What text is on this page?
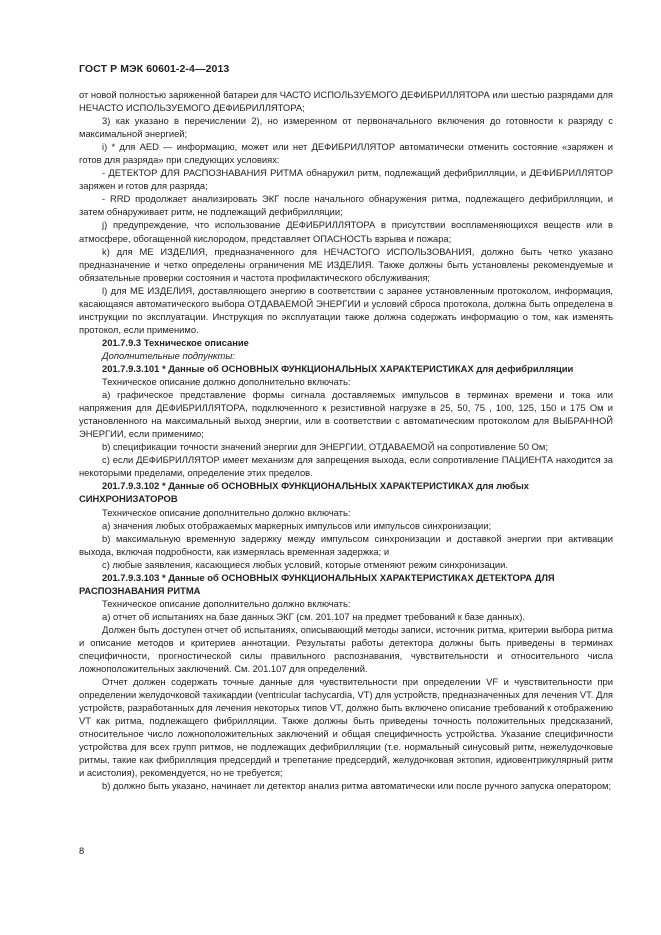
ГОСТ Р МЭК 60601-2-4—2013

от новой полностью заряженной батареи для ЧАСТО ИСПОЛЬЗУЕМОГО ДЕФИБРИЛЛЯТОРА или шестью разрядами для НЕЧАСТО ИСПОЛЬЗУЕМОГО ДЕФИБРИЛЛЯТОРА;

3) как указано в перечислении 2), но измеренном от первоначального включения до готовности к разряду с максимальной энергией;

i) * для AED — информацию, может или нет ДЕФИБРИЛЛЯТОР автоматически отменить состояние «заряжен и готов для разряда» при следующих условиях:

- ДЕТЕКТОР ДЛЯ РАСПОЗНАВАНИЯ РИТМА обнаружил ритм, подлежащий дефибрилляции, и ДЕФИБРИЛЛЯТОР заряжен и готов для разряда;

- RRD продолжает анализировать ЭКГ после начального обнаружения ритма, подлежащего дефибрилляции, и затем обнаруживает ритм, не подлежащий дефибрилляции;

j) предупреждение, что использование ДЕФИБРИЛЛЯТОРА в присутствии воспламеняющихся веществ или в атмосфере, обогащенной кислородом, представляет ОПАСНОСТЬ взрыва и пожара;

k) для МЕ ИЗДЕЛИЯ, предназначенного для НЕЧАСТОГО ИСПОЛЬЗОВАНИЯ, должно быть четко указано предназначение и четко определены ограничения МЕ ИЗДЕЛИЯ. Также должны быть установлены рекомендуемые и обязательные проверки состояния и частота профилактического обслуживания;

l) для МЕ ИЗДЕЛИЯ, доставляющего энергию в соответствии с заранее установленным протоколом, информация, касающаяся автоматического выбора ОТДАВАЕМОЙ ЭНЕРГИИ и условий сброса протокола, должна быть определена в инструкции по эксплуатации. Инструкция по эксплуатации также должна содержать информацию о том, как изменять протокол, если применимо.

201.7.9.3 Техническое описание

Дополнительные подпункты:

201.7.9.3.101 * Данные об ОСНОВНЫХ ФУНКЦИОНАЛЬНЫХ ХАРАКТЕРИСТИКАХ для дефибрилляции

Техническое описание должно дополнительно включать:

а) графическое представление формы сигнала доставляемых импульсов в терминах времени и тока или напряжения для ДЕФИБРИЛЛЯТОРА, подключенного к резистивной нагрузке в 25, 50, 75 , 100, 125, 150 и 175 Ом и установленного на максимальный выход энергии, или в соответствии с автоматическим протоколом для ВЫБРАННОЙ ЭНЕРГИИ, если применимо;

b) спецификации точности значений энергии для ЭНЕРГИИ, ОТДАВАЕМОЙ на сопротивление 50 Ом;

c) если ДЕФИБРИЛЛЯТОР имеет механизм для запрещения выхода, если сопротивление ПАЦИЕНТА находится за некоторыми пределами, определение этих пределов.

201.7.9.3.102 * Данные об ОСНОВНЫХ ФУНКЦИОНАЛЬНЫХ ХАРАКТЕРИСТИКАХ для любых СИНХРОНИЗАТОРОВ

Техническое описание дополнительно должно включать:

а) значения любых отображаемых маркерных импульсов или импульсов синхронизации;

b) максимальную временную задержку между импульсом синхронизации и доставкой энергии при активации выхода, включая подробности, как измерялась временная задержка; и

c) любые заявления, касающиеся любых условий, которые отменяют режим синхронизации.

201.7.9.3.103 * Данные об ОСНОВНЫХ ФУНКЦИОНАЛЬНЫХ ХАРАКТЕРИСТИКАХ ДЕТЕКТОРА ДЛЯ РАСПОЗНАВАНИЯ РИТМА

Техническое описание дополнительно должно включать:

а) отчет об испытаниях на базе данных ЭКГ (см. 201.107 на предмет требований к базе данных).

Должен быть доступен отчет об испытаниях, описывающий методы записи, источник ритма, критерии выбора ритма и описание методов и критериев аннотации. Результаты работы детектора должны быть приведены в терминах специфичности, прогностической силы правильного распознавания, чувствительности и относительного числа ложноположительных заключений. См. 201.107 для определений.

Отчет должен содержать точные данные для чувствительности при определении VF и чувствительности при определении желудочковой тахикардии (ventricular tachycardia, VT) для устройств, предназначенных для лечения VT. Для устройств, разработанных для лечения некоторых типов VT, должно быть включено описание требований к отображению VT как ритма, подлежащего фибрилляции. Также должны быть приведены точность положительных предсказаний, относительное число ложноположительных заключений и общая специфичность устройства. Указание специфичности устройства для всех групп ритмов, не подлежащих дефибрилляции (т.е. нормальный синусовый ритм, нежелудочковые ритмы, такие как фибрилляция предсердий и трепетание предсердий, желудочковая эктопия, идиовентрикулярный ритм и асистолия), рекомендуется, но не требуется;

b) должно быть указано, начинает ли детектор анализ ритма автоматически или после ручного запуска оператором;

8
